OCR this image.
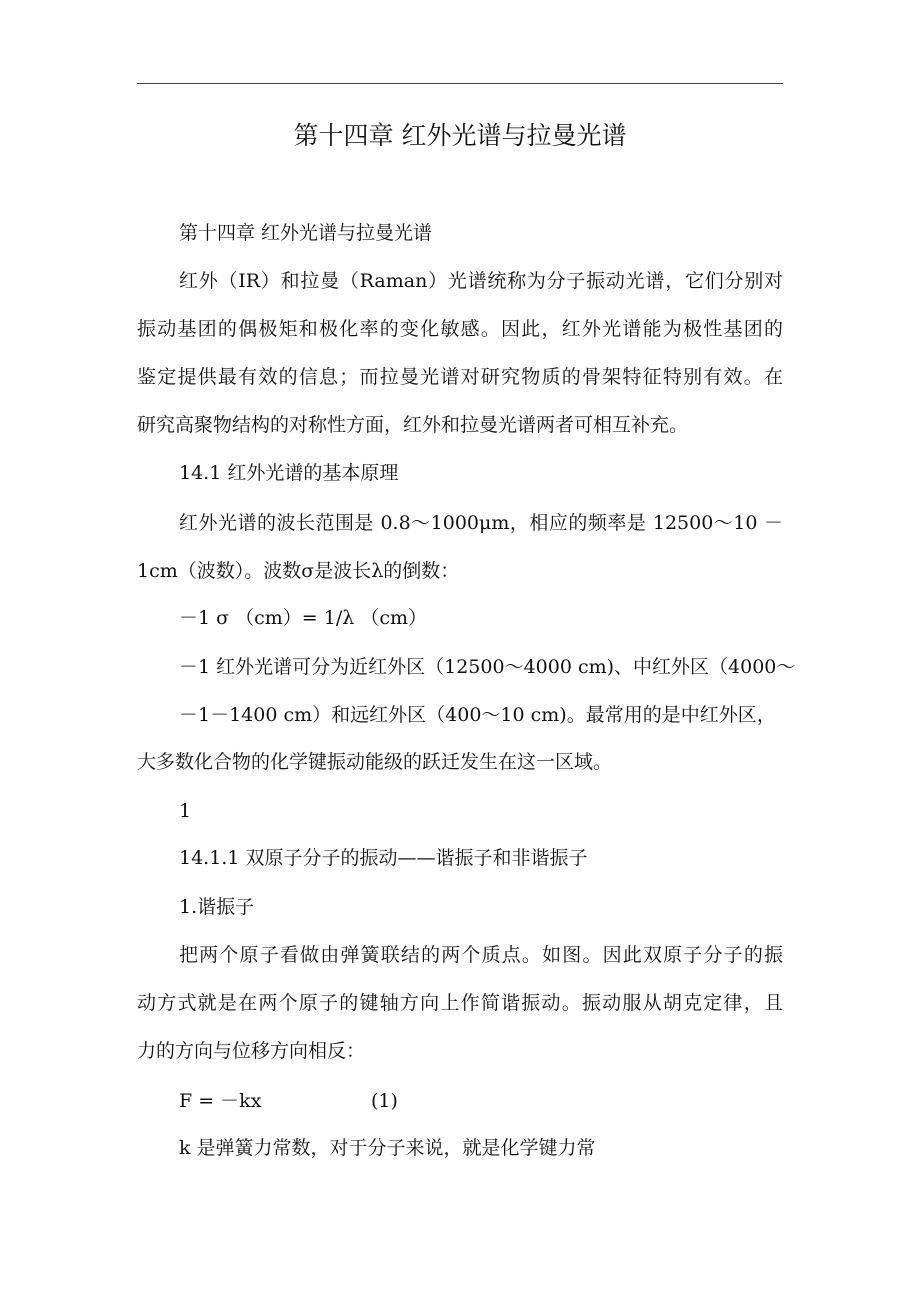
第十四章 红外光谱与拉曼光谱
第十四章 红外光谱与拉曼光谱
红外（IR）和拉曼（Raman）光谱统称为分子振动光谱，它们分别对
振动基团的偶极矩和极化率的变化敏感。因此，红外光谱能为极性基团的
鉴定提供最有效的信息；而拉曼光谱对研究物质的骨架特征特别有效。在
研究高聚物结构的对称性方面，红外和拉曼光谱两者可相互补充。
14.1 红外光谱的基本原理
红外光谱的波长范围是 0.8～1000μm，相应的频率是 12500～10 －
1cm（波数）。波数σ是波长λ的倒数：
－1 σ （cm）= 1/λ （cm）
－1 红外光谱可分为近红外区（12500～4000 cm)、中红外区（4000～
－1－1400 cm）和远红外区（400～10 cm)。最常用的是中红外区，
大多数化合物的化学键振动能级的跃迁发生在这一区域。
1
14.1.1 双原子分子的振动——谐振子和非谐振子
1.谐振子
把两个原子看做由弹簧联结的两个质点。如图。因此双原子分子的振
动方式就是在两个原子的键轴方向上作简谐振动。振动服从胡克定律，且
力的方向与位移方向相反：
F = －kx	(1)
k 是弹簧力常数，对于分子来说，就是化学键力常
